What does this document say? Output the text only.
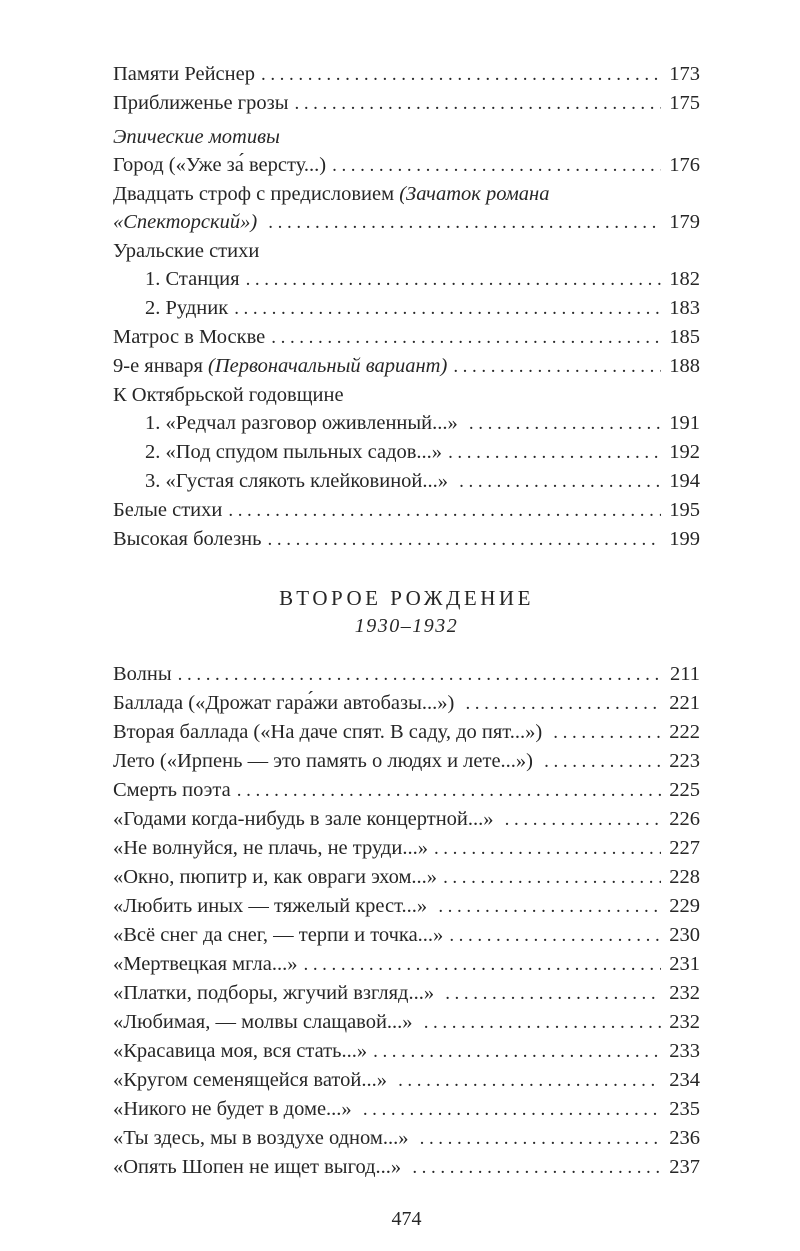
Памяти Рейснер .....	173
Приближенье грозы .....	175
Эпические мотивы
Город («Уже за́ версту...) .....	176
Двадцать строф с предисловием (Зачаток романа
«Спекторский») .....	179
Уральские стихи
1. Станция .....	182
2. Рудник .....	183
Матрос в Москве .....	185
9-е января (Первоначальный вариант) .....	188
К Октябрьской годовщине
1. «Редчал разговор оживленный...» .....	191
2. «Под спудом пыльных садов...» .....	192
3. «Густая слякоть клейковиной...» .....	194
Белые стихи .....	195
Высокая болезнь .....	199
ВТОРОЕ РОЖДЕНИЕ
1930–1932
Волны .....	211
Баллада («Дрожат гара́жи автобазы...») .....	221
Вторая баллада («На даче спят. В саду, до пят...») .....	222
Лето («Ирпень — это память о людях и лете...») .....	223
Смерть поэта .....	225
«Годами когда-нибудь в зале концертной...» .....	226
«Не волнуйся, не плачь, не труди...» .....	227
«Окно, пюпитр и, как овраги эхом...» .....	228
«Любить иных — тяжелый крест...» .....	229
«Всё снег да снег, — терпи и точка...» .....	230
«Мертвецкая мгла...» .....	231
«Платки, подборы, жгучий взгляд...» .....	232
«Любимая, — молвы слащавой...» .....	232
«Красавица моя, вся стать...» .....	233
«Кругом семенящейся ватой...» .....	234
«Никого не будет в доме...» .....	235
«Ты здесь, мы в воздухе одном...» .....	236
«Опять Шопен не ищет выгод...» .....	237
474
